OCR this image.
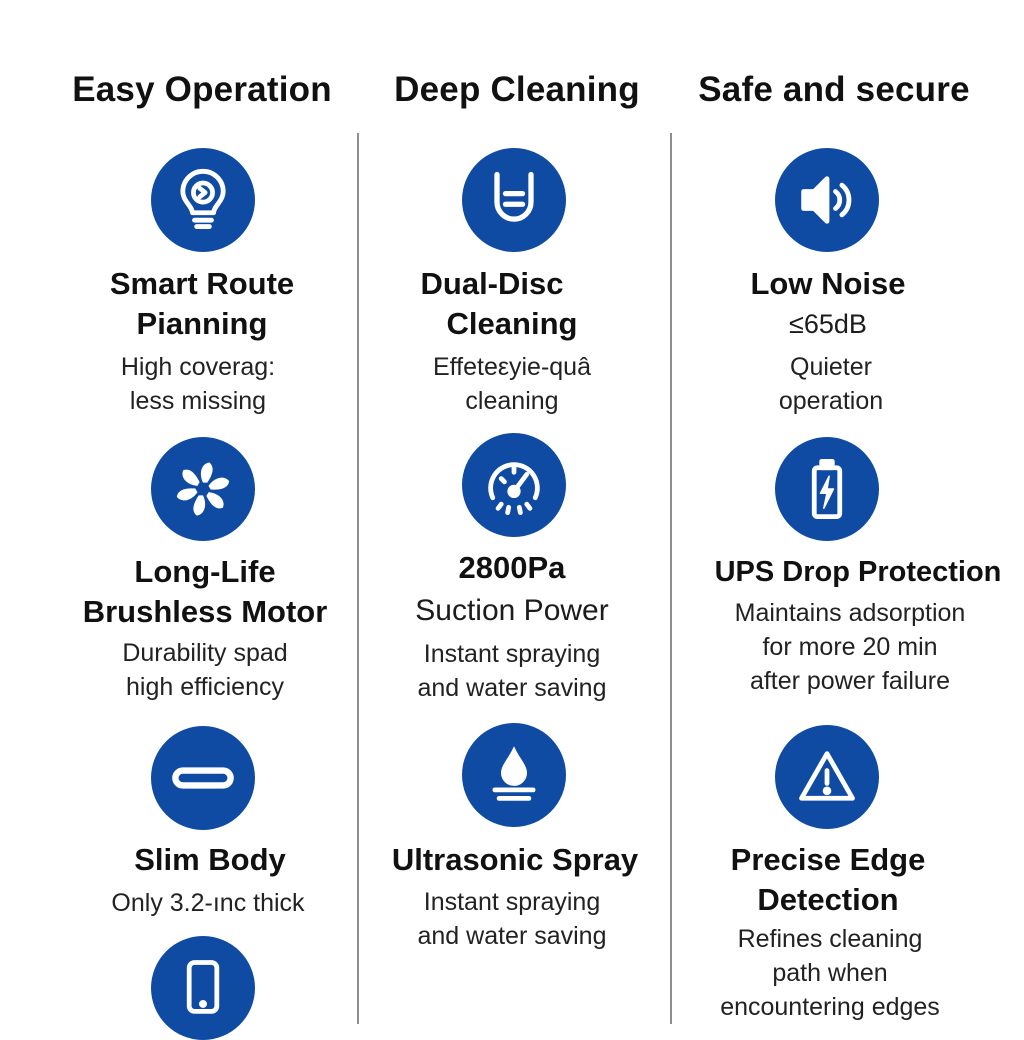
Easy Operation	Deep Cleaning	Safe and secure
Smart Route
Pianning
High coverag:
less missing
Long-Life
Brushless Motor
Durability spad
high efficiency
Slim Body
Only 3.2-ınc thick
Dual-Disc
Cleaning
Effeteεyie-quâ
cleaning
2800Pa
Suction Power
Instant spraying
and water saving
Ultrasonic Spray
Instant spraying
and water saving
Low Noise
≤65dB
Quieter
operation
UPS Drop Protection
Maintains adsorption
for more 20 min
after power failure
Precise Edge
Detection
Refines cleaning
path when
encountering edges
